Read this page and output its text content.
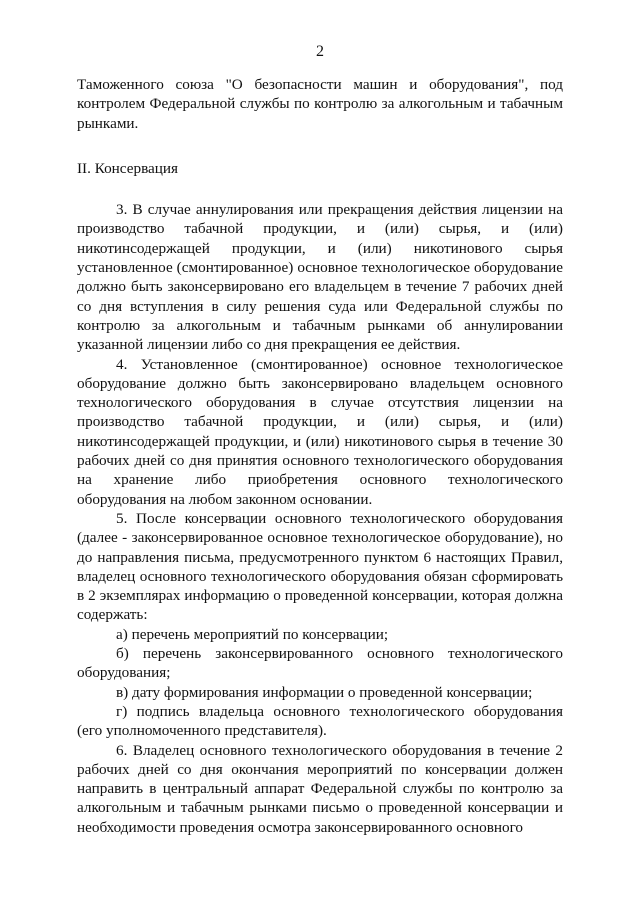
2

Таможенного союза "О безопасности машин и оборудования", под контролем Федеральной службы по контролю за алкогольным и табачным рынками.

II. Консервация

3. В случае аннулирования или прекращения действия лицензии на производство табачной продукции, и (или) сырья, и (или) никотинсодержащей продукции, и (или) никотинового сырья установленное (смонтированное) основное технологическое оборудование должно быть законсервировано его владельцем в течение 7 рабочих дней со дня вступления в силу решения суда или Федеральной службы по контролю за алкогольным и табачным рынками об аннулировании указанной лицензии либо со дня прекращения ее действия.

4. Установленное (смонтированное) основное технологическое оборудование должно быть законсервировано владельцем основного технологического оборудования в случае отсутствия лицензии на производство табачной продукции, и (или) сырья, и (или) никотинсодержащей продукции, и (или) никотинового сырья в течение 30 рабочих дней со дня принятия основного технологического оборудования на хранение либо приобретения основного технологического оборудования на любом законном основании.

5. После консервации основного технологического оборудования (далее - законсервированное основное технологическое оборудование), но до направления письма, предусмотренного пунктом 6 настоящих Правил, владелец основного технологического оборудования обязан сформировать в 2 экземплярах информацию о проведенной консервации, которая должна содержать:

а) перечень мероприятий по консервации;

б) перечень законсервированного основного технологического оборудования;

в) дату формирования информации о проведенной консервации;

г) подпись владельца основного технологического оборудования (его уполномоченного представителя).

6. Владелец основного технологического оборудования в течение 2 рабочих дней со дня окончания мероприятий по консервации должен направить в центральный аппарат Федеральной службы по контролю за алкогольным и табачным рынками письмо о проведенной консервации и необходимости проведения осмотра законсервированного основного
